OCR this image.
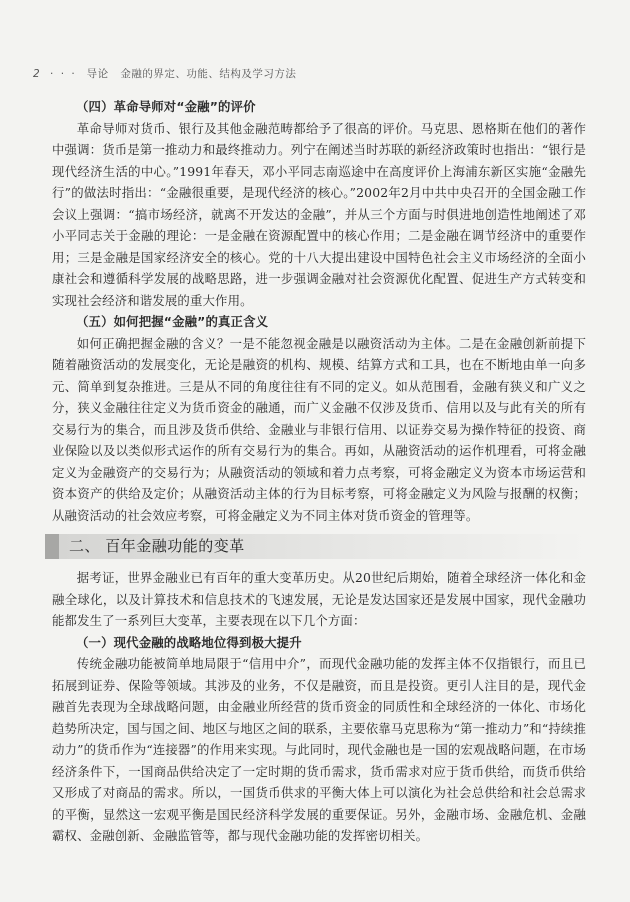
2 · · · 导论 金融的界定、功能、结构及学习方法
（四）革命导师对“金融”的评价

革命导师对货币、银行及其他金融范畴都给予了很高的评价。马克思、恩格斯在他们的著作中强调：货币是第一推动力和最终推动力。列宁在阐述当时苏联的新经济政策时也指出：“银行是现代经济生活的中心。”1991年春天，邓小平同志南巡途中在高度评价上海浦东新区实施“金融先行”的做法时指出：“金融很重要，是现代经济的核心。”2002年2月中共中央召开的全国金融工作会议上强调：“搞市场经济，就离不开发达的金融”，并从三个方面与时俱进地创造性地阐述了邓小平同志关于金融的理论：一是金融在资源配置中的核心作用；二是金融在调节经济中的重要作用；三是金融是国家经济安全的核心。党的十八大提出建设中国特色社会主义市场经济的全面小康社会和遵循科学发展的战略思路，进一步强调金融对社会资源优化配置、促进生产方式转变和实现社会经济和谐发展的重大作用。

（五）如何把握“金融”的真正含义

如何正确把握金融的含义？一是不能忽视金融是以融资活动为主体。二是在金融创新前提下随着融资活动的发展变化，无论是融资的机构、规模、结算方式和工具，也在不断地由单一向多元、简单到复杂推进。三是从不同的角度往往有不同的定义。如从范围看，金融有狭义和广义之分，狭义金融往往定义为货币资金的融通，而广义金融不仅涉及货币、信用以及与此有关的所有交易行为的集合，而且涉及货币供给、金融业与非银行信用、以证券交易为操作特征的投资、商业保险以及以类似形式运作的所有交易行为的集合。再如，从融资活动的运作机理看，可将金融定义为金融资产的交易行为；从融资活动的领域和着力点考察，可将金融定义为资本市场运营和资本资产的供给及定价；从融资活动主体的行为目标考察，可将金融定义为风险与报酬的权衡；从融资活动的社会效应考察，可将金融定义为不同主体对货币资金的管理等。

二、 百年金融功能的变革

据考证，世界金融业已有百年的重大变革历史。从20世纪后期始，随着全球经济一体化和金融全球化，以及计算技术和信息技术的飞速发展，无论是发达国家还是发展中国家，现代金融功能都发生了一系列巨大变革，主要表现在以下几个方面：

（一）现代金融的战略地位得到极大提升

传统金融功能被简单地局限于“信用中介”，而现代金融功能的发挥主体不仅指银行，而且已拓展到证券、保险等领域。其涉及的业务，不仅是融资，而且是投资。更引人注目的是，现代金融首先表现为全球战略问题，由金融业所经营的货币资金的同质性和全球经济的一体化、市场化趋势所决定，国与国之间、地区与地区之间的联系，主要依靠马克思称为“第一推动力”和“持续推动力”的货币作为“连接器”的作用来实现。与此同时，现代金融也是一国的宏观战略问题，在市场经济条件下，一国商品供给决定了一定时期的货币需求，货币需求对应于货币供给，而货币供给又形成了对商品的需求。所以，一国货币供求的平衡大体上可以演化为社会总供给和社会总需求的平衡，显然这一宏观平衡是国民经济科学发展的重要保证。另外，金融市场、金融危机、金融霸权、金融创新、金融监管等，都与现代金融功能的发挥密切相关。
